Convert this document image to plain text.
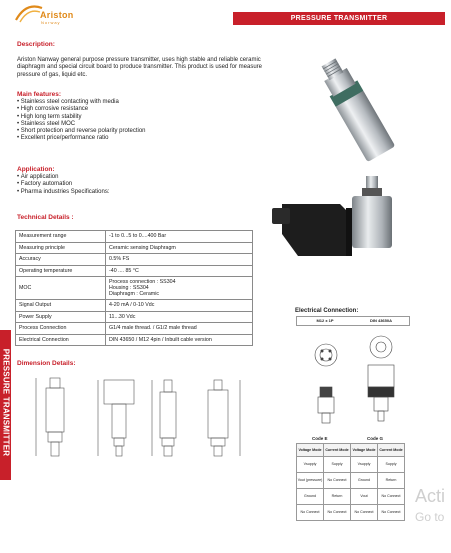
Ariston
Norway
PRESSURE TRANSMITTER
Description:
Ariston Nanway general purpose pressure transmitter, uses high stable and reliable ceramic diaphragm and special circuit board to produce transmitter. This product is used for measure pressure of gas, liquid etc.
Main features:
• Stainless steel contacting with media
• High corrosive resistance
• High long term stability
• Stainless steel MOC
• Short protection and reverse polarity protection
• Excellent price/performance ratio
Application:
• Air application
• Factory automation
• Pharma industries Specifications:
Technical Details :
Measurement range	-1 to 0...5 to 0....400 Bar
Measuring principle	Ceramic sensing Diaphragm
Accuracy	0.5% FS
Operating temperature	-40 .... 85 °C
MOC	Process connection : SS304
Housing : SS304
Diaphragm : Ceramic
Signal Output	4-20 mA / 0-10 Vdc
Power Supply	11...30 Vdc
Process Connection	G1/4 male thread. / G1/2 male thread
Electrical Connection	DIN 43650 / M12 4pin / Inbuilt cable version
PRESSURE TRANSMITTER Dimension Details:
Electrical Connection:
M12 x 1P	DIN 43650A
Code E	Code G
Voltage Mode	Current Mode	Voltage Mode	Current Mode
Vsupply	Supply	Vsupply	Supply
Vout (pressure)	No Connect	Ground	Return
Ground	Return	Vout	No Connect
No Connect	No Connect	No Connect	No Connect
Acti
Go to
